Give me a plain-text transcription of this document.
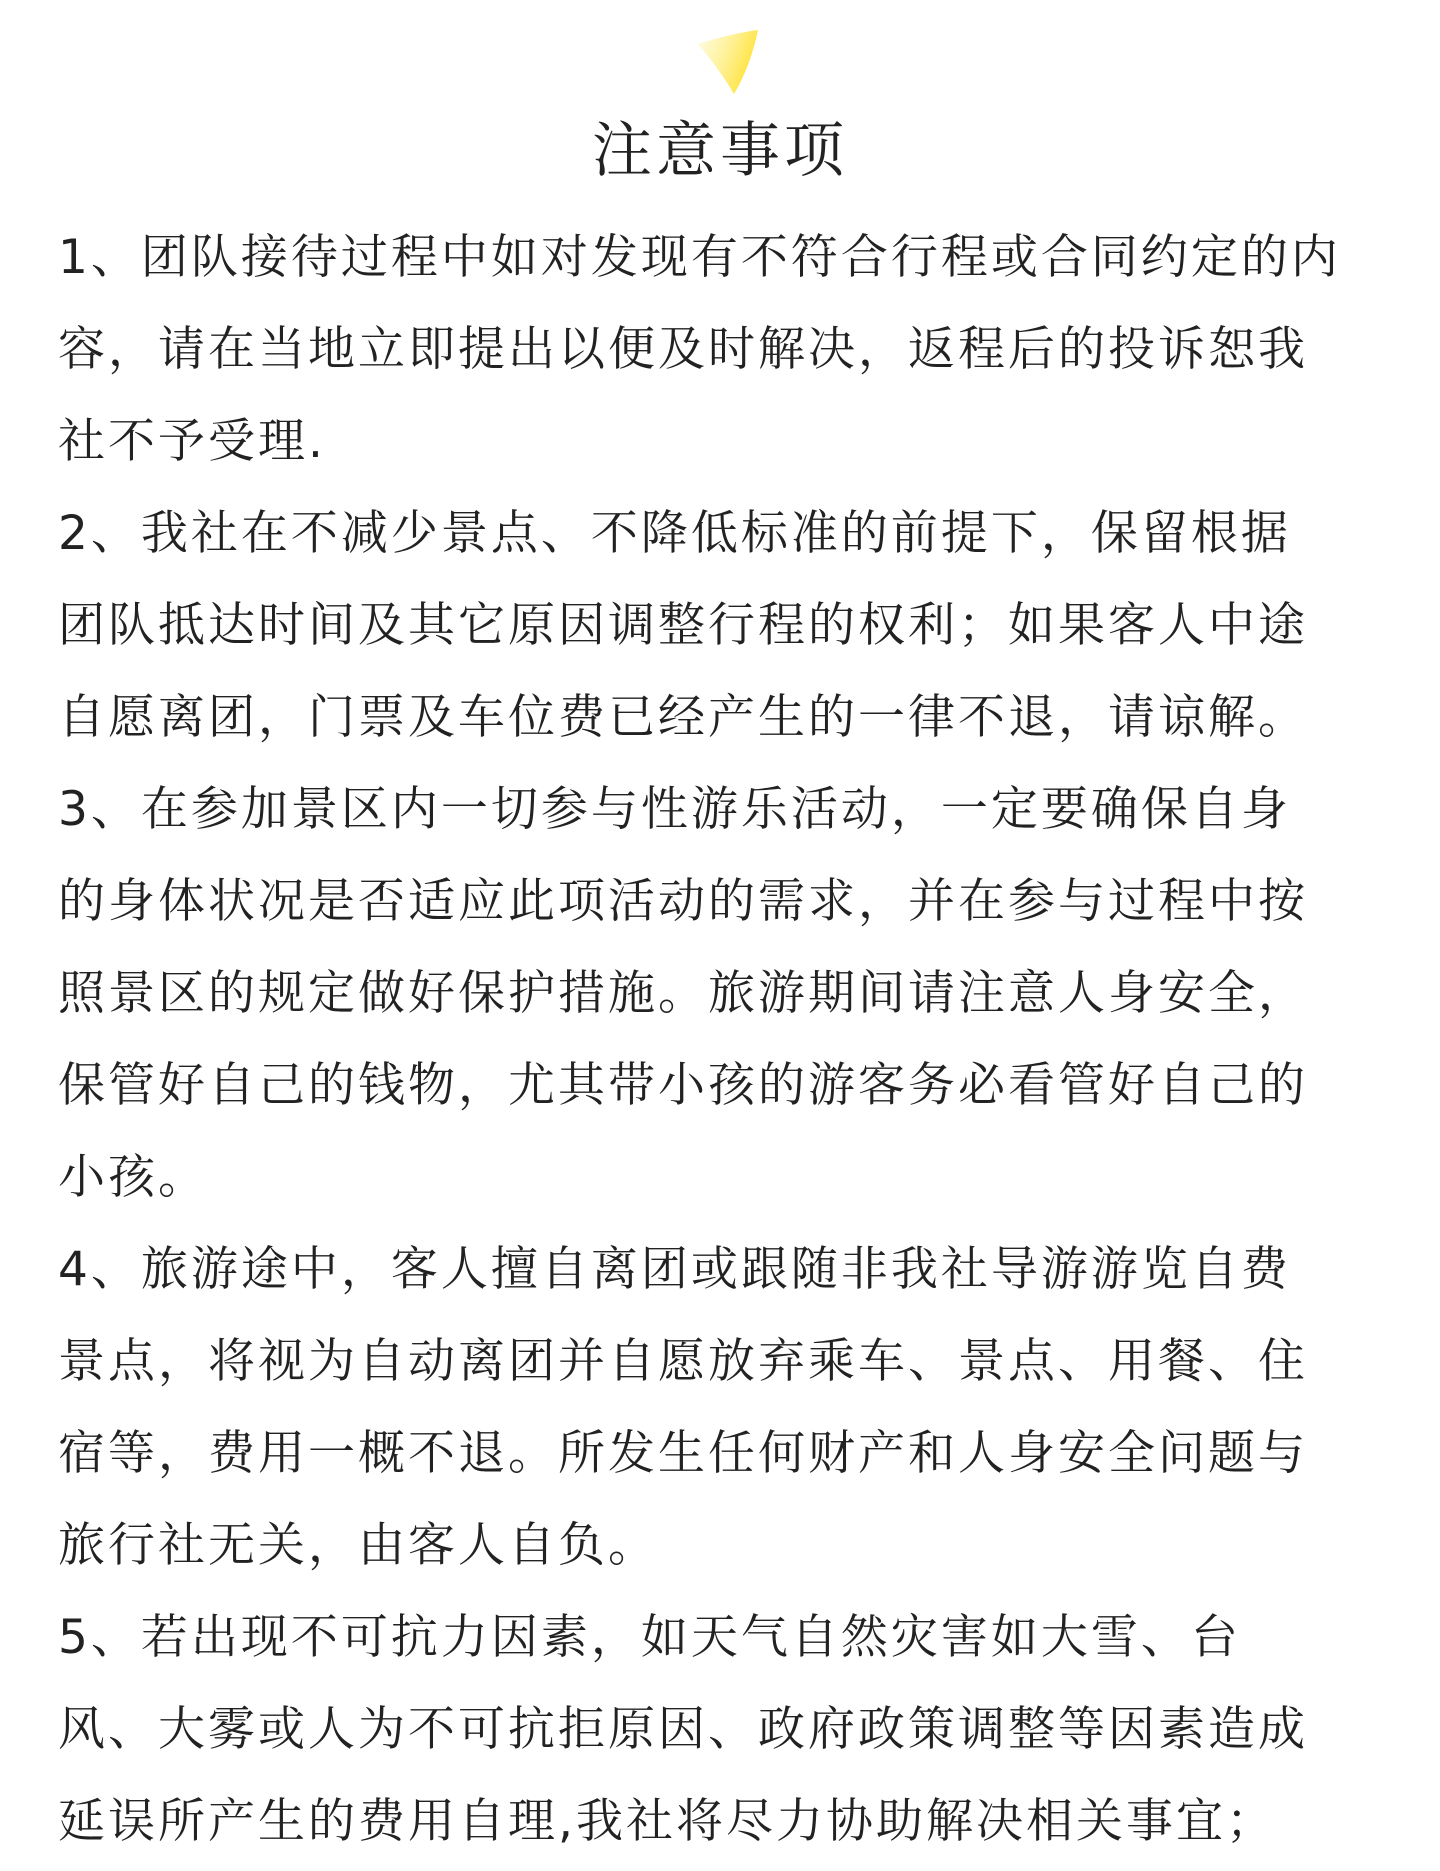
注意事项

1、团队接待过程中如对发现有不符合行程或合同约定的内
容，请在当地立即提出以便及时解决，返程后的投诉恕我
社不予受理.

2、我社在不减少景点、不降低标准的前提下，保留根据
团队抵达时间及其它原因调整行程的权利；如果客人中途
自愿离团，门票及车位费已经产生的一律不退，请谅解。

3、在参加景区内一切参与性游乐活动，一定要确保自身
的身体状况是否适应此项活动的需求，并在参与过程中按
照景区的规定做好保护措施。旅游期间请注意人身安全，
保管好自己的钱物，尤其带小孩的游客务必看管好自己的
小孩。

4、旅游途中，客人擅自离团或跟随非我社导游游览自费
景点，将视为自动离团并自愿放弃乘车、景点、用餐、住
宿等，费用一概不退。所发生任何财产和人身安全问题与
旅行社无关，由客人自负。

5、若出现不可抗力因素，如天气自然灾害如大雪、台
风、大雾或人为不可抗拒原因、政府政策调整等因素造成
延误所产生的费用自理,我社将尽力协助解决相关事宜；
